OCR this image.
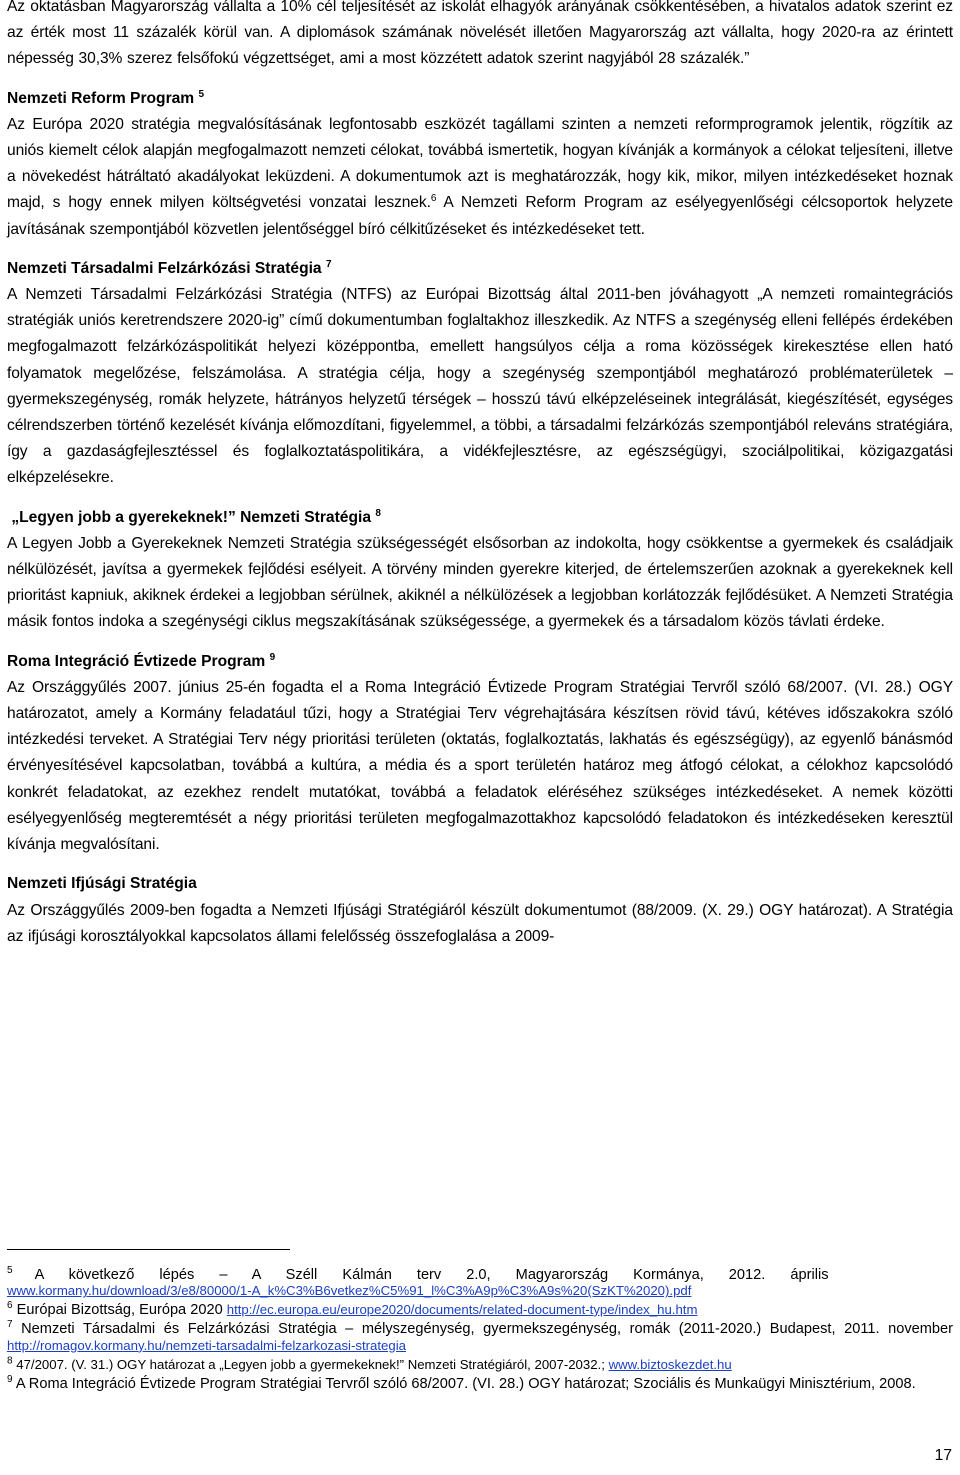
Az oktatásban Magyarország vállalta a 10% cél teljesítését az iskolát elhagyók arányának csökkentésében, a hivatalos adatok szerint ez az érték most 11 százalék körül van. A diplomások számának növelését illetően Magyarország azt vállalta, hogy 2020-ra az érintett népesség 30,3% szerez felsőfokú végzettséget, ami a most közzétett adatok szerint nagyjából 28 százalék.”

Nemzeti Reform Program $^5$

Az Európa 2020 stratégia megvalósításának legfontosabb eszközét tagállami szinten a nemzeti reformprogramok jelentik, rögzítik az uniós kiemelt célok alapján megfogalmazott nemzeti célokat, továbbá ismertetik, hogyan kívánják a kormányok a célokat teljesíteni, illetve a növekedést hátráltató akadályokat leküzdeni. A dokumentumok azt is meghatározzák, hogy kik, mikor, milyen intézkedéseket hoznak majd, s hogy ennek milyen költségvetési vonzatai lesznek.$^6$ A Nemzeti Reform Program az esélyegyenlőségi célcsoportok helyzete javításának szempontjából közvetlen jelentőséggel bíró célkitűzéseket és intézkedéseket tett.

Nemzeti Társadalmi Felzárkózási Stratégia $^7$

A Nemzeti Társadalmi Felzárkózási Stratégia (NTFS) az Európai Bizottság által 2011-ben jóváhagyott „A nemzeti romaintegrációs stratégiák uniós keretrendszere 2020-ig” című dokumentumban foglaltakhoz illeszkedik. Az NTFS a szegénység elleni fellépés érdekében megfogalmazott felzárkózáspolitikát helyezi középpontba, emellett hangsúlyos célja a roma közösségek kirekesztése ellen ható folyamatok megelőzése, felszámolása. A stratégia célja, hogy a szegénység szempontjából meghatározó problématerületek – gyermekszegénység, romák helyzete, hátrányos helyzetű térségek – hosszú távú elképzeléseinek integrálását, kiegészítését, egységes célrendszerben történő kezelését kívánja előmozdítani, figyelemmel, a többi, a társadalmi felzárkózás szempontjából releváns stratégiára, így a gazdaságfejlesztéssel és foglalkoztatáspolitikára, a vidékfejlesztésre, az egészségügyi, szociálpolitikai, közigazgatási elképzelésekre.

„Legyen jobb a gyerekeknek!” Nemzeti Stratégia $^8$

A Legyen Jobb a Gyerekeknek Nemzeti Stratégia szükségességét elsősorban az indokolta, hogy csökkentse a gyermekek és családjaik nélkülözését, javítsa a gyermekek fejlődési esélyeit. A törvény minden gyerekre kiterjed, de értelemszerűen azoknak a gyerekeknek kell prioritást kapniuk, akiknek érdekei a legjobban sérülnek, akiknél a nélkülözések a legjobban korlátozzák fejlődésüket. A Nemzeti Stratégia másik fontos indoka a szegénységi ciklus megszakításának szükségessége, a gyermekek és a társadalom közös távlati érdeke.

Roma Integráció Évtizede Program $^9$

Az Országgyűlés 2007. június 25-én fogadta el a Roma Integráció Évtizede Program Stratégiai Tervről szóló 68/2007. (VI. 28.) OGY határozatot, amely a Kormány feladatául tűzi, hogy a Stratégiai Terv végrehajtására készítsen rövid távú, kétéves időszakokra szóló intézkedési terveket. A Stratégiai Terv négy prioritási területen (oktatás, foglalkoztatás, lakhatás és egészségügy), az egyenlő bánásmód érvényesítésével kapcsolatban, továbbá a kultúra, a média és a sport területén határoz meg átfogó célokat, a célokhoz kapcsolódó konkrét feladatokat, az ezekhez rendelt mutatókat, továbbá a feladatok eléréséhez szükséges intézkedéseket. A nemek közötti esélyegyenlőség megteremtését a négy prioritási területen megfogalmazottakhoz kapcsolódó feladatokon és intézkedéseken keresztül kívánja megvalósítani.

Nemzeti Ifjúsági Stratégia

Az Országgyűlés 2009-ben fogadta a Nemzeti Ifjúsági Stratégiáról készült dokumentumot (88/2009. (X. 29.) OGY határozat). A Stratégia az ifjúsági korosztályokkal kapcsolatos állami felelősség összefoglalása a 2009-

$^5$ A következő lépés – A Széll Kálmán terv 2.0, Magyarország Kormánya, 2012. április
www.kormany.hu/download/3/e8/80000/1-A_k%C3%B6vetkez%C5%91_l%C3%A9p%C3%A9s%20(SzKT%2020).pdf

$^6$ Európai Bizottság, Európa 2020 http://ec.europa.eu/europe2020/documents/related-document-type/index_hu.htm

$^7$ Nemzeti Társadalmi és Felzárkózási Stratégia – mélyszegénység, gyermekszegénység, romák (2011-2020.) Budapest, 2011. november http://romagov.kormany.hu/nemzeti-tarsadalmi-felzarkozasi-strategia

$^8$ 47/2007. (V. 31.) OGY határozat a „Legyen jobb a gyermekeknek!” Nemzeti Stratégiáról, 2007-2032.; www.biztoskezdet.hu

$^9$ A Roma Integráció Évtizede Program Stratégiai Tervről szóló 68/2007. (VI. 28.) OGY határozat; Szociális és Munkaügyi Minisztérium, 2008.

17
